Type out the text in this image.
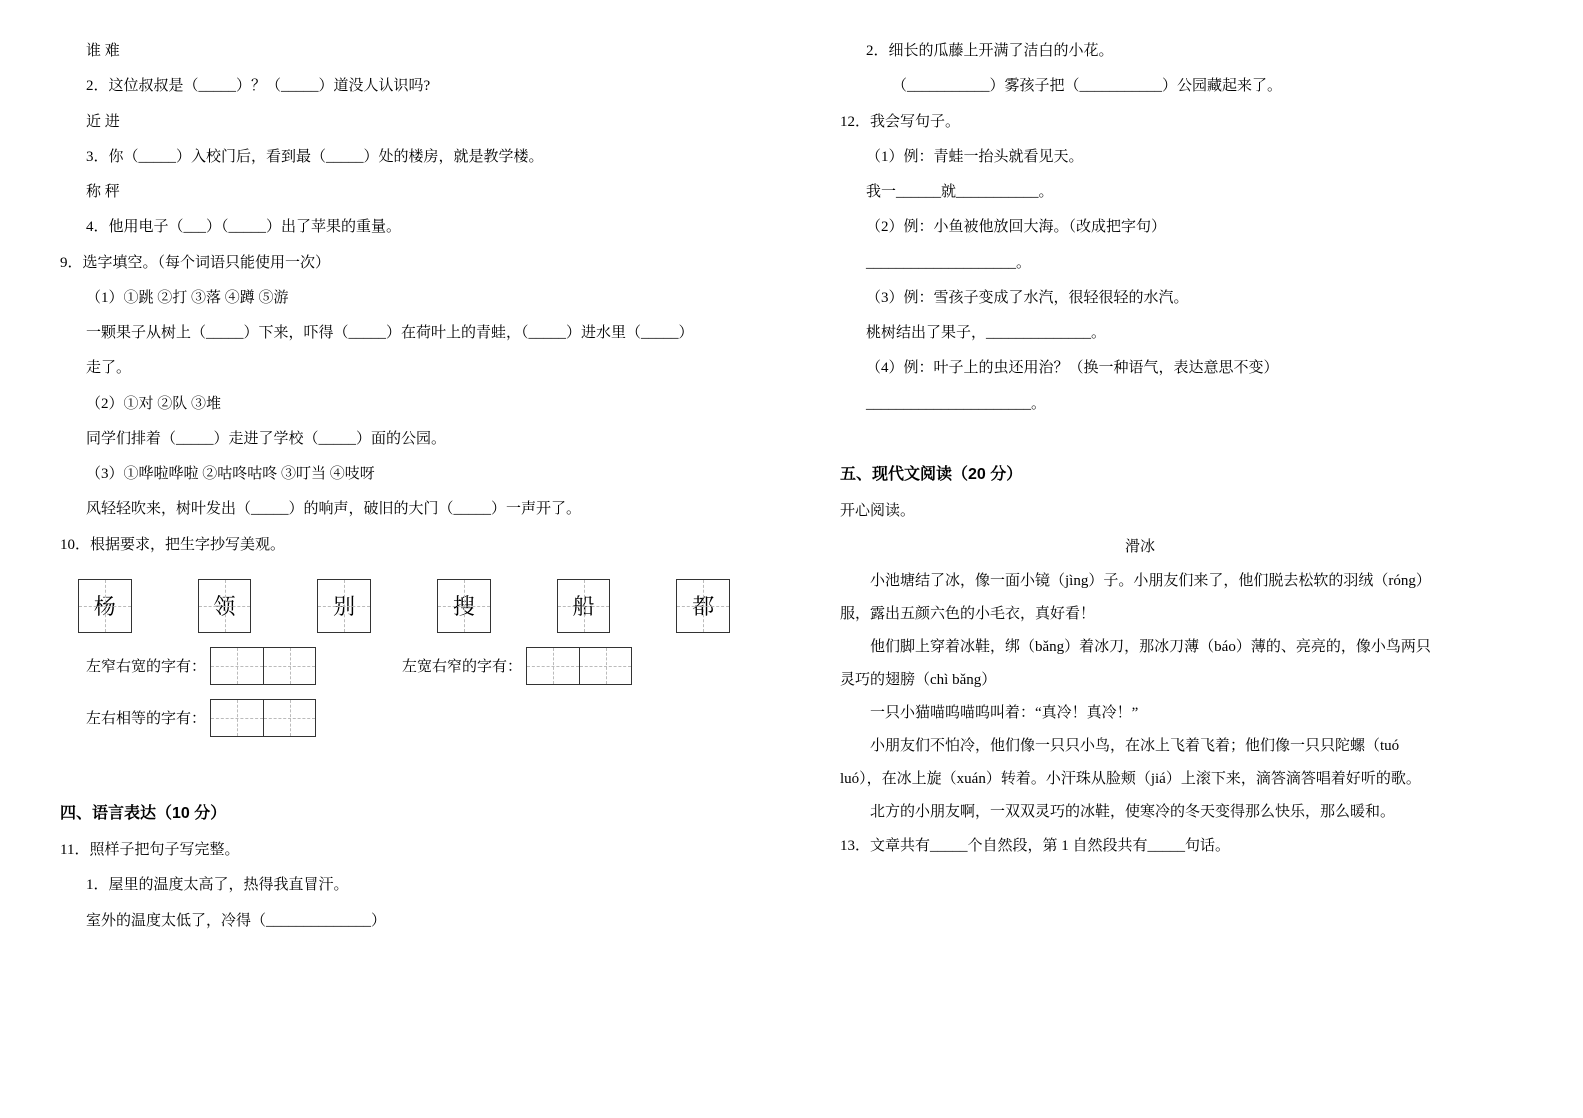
谁 难
2．这位叔叔是（_____）？（_____）道没人认识吗?
近 进
3．你（_____）入校门后，看到最（_____）处的楼房，就是教学楼。
称 秤
4．他用电子（___）（_____）出了苹果的重量。
9．选字填空。（每个词语只能使用一次）
（1）①跳 ②打 ③落 ④蹲 ⑤游
一颗果子从树上（_____）下来，吓得（_____）在荷叶上的青蛙，（_____）进水里（_____）
走了。
（2）①对 ②队 ③堆
同学们排着（_____）走进了学校（_____）面的公园。
（3）①哗啦哗啦 ②咕咚咕咚 ③叮当 ④吱呀
风轻轻吹来，树叶发出（_____）的响声，破旧的大门（_____）一声开了。
10．根据要求，把生字抄写美观。
杨	领	别	搜	船	都
左窄右宽的字有：	左宽右窄的字有：
左右相等的字有：
四、语言表达（10 分）
11．照样子把句子写完整。
1．屋里的温度太高了，热得我直冒汗。
室外的温度太低了，冷得（______________）
2．细长的瓜藤上开满了洁白的小花。
（___________）雾孩子把（___________）公园藏起来了。
12．我会写句子。
（1）例：青蛙一抬头就看见天。
我一______就___________。
（2）例：小鱼被他放回大海。（改成把字句）
____________________。
（3）例：雪孩子变成了水汽，很轻很轻的水汽。
桃树结出了果子，______________。
（4）例：叶子上的虫还用治？（换一种语气，表达意思不变）
______________________。
五、现代文阅读（20 分）
开心阅读。
滑冰
小池塘结了冰，像一面小镜（jìng）子。小朋友们来了，他们脱去松软的羽绒（róng）服，露出五颜六色的小毛衣，真好看！
他们脚上穿着冰鞋，绑（bǎng）着冰刀，那冰刀薄（báo）薄的、亮亮的，像小鸟两只灵巧的翅膀（chì bǎng）
一只小猫喵呜喵呜叫着：“真冷！真冷！”
小朋友们不怕冷，他们像一只只小鸟，在冰上飞着飞着；他们像一只只陀螺（tuó luó），在冰上旋（xuán）转着。小汗珠从脸颊（jiá）上滚下来，滴答滴答唱着好听的歌。
北方的小朋友啊，一双双灵巧的冰鞋，使寒冷的冬天变得那么快乐，那么暖和。
13．文章共有_____个自然段，第 1 自然段共有_____句话。
